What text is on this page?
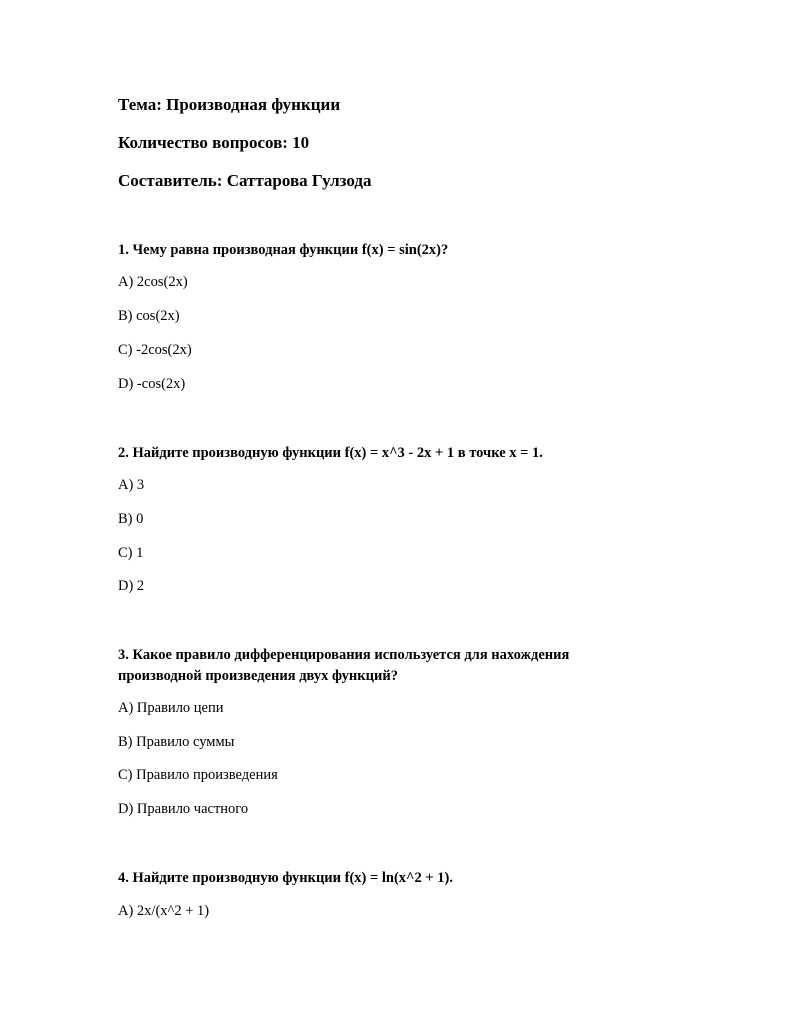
Тема: Производная функции
Количество вопросов: 10
Составитель: Саттарова Гулзода
1. Чему равна производная функции f(x) = sin(2x)?
A) 2cos(2x)
B) cos(2x)
C) -2cos(2x)
D) -cos(2x)
2. Найдите производную функции f(x) = x^3 - 2x + 1 в точке x = 1.
A) 3
B) 0
C) 1
D) 2
3. Какое правило дифференцирования используется для нахождения производной произведения двух функций?
A) Правило цепи
B) Правило суммы
C) Правило произведения
D) Правило частного
4. Найдите производную функции f(x) = ln(x^2 + 1).
A) 2x/(x^2 + 1)
